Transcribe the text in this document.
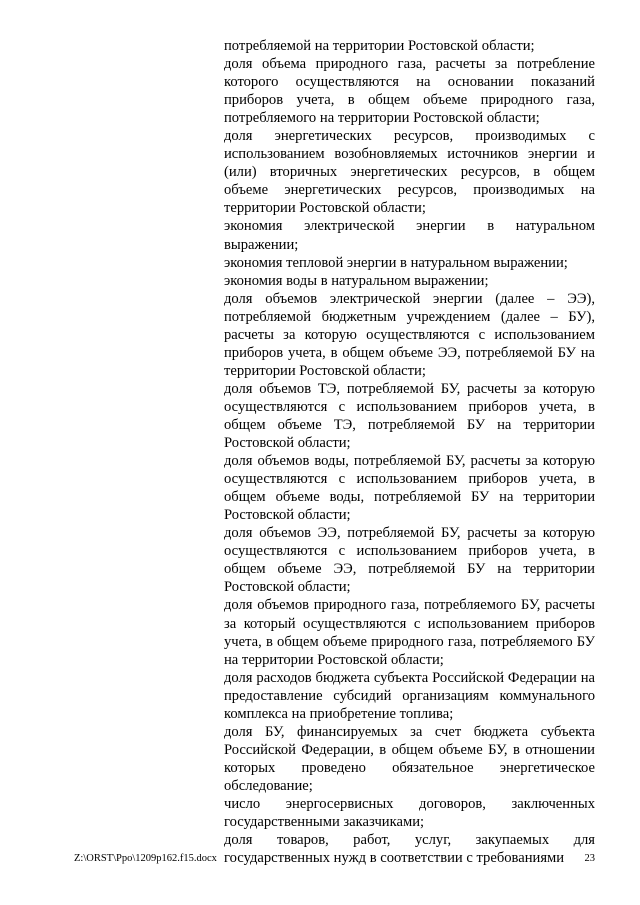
потребляемой на территории Ростовской области;

доля объема природного газа, расчеты за потребление которого осуществляются на основании показаний приборов учета, в общем объеме природного газа, потребляемого на территории Ростовской области;

доля энергетических ресурсов, производимых с использованием возобновляемых источников энергии и (или) вторичных энергетических ресурсов, в общем объеме энергетических ресурсов, производимых на территории Ростовской области;

экономия электрической энергии в натуральном выражении;

экономия тепловой энергии в натуральном выражении;

экономия воды в натуральном выражении;

доля объемов электрической энергии (далее – ЭЭ), потребляемой бюджетным учреждением (далее – БУ), расчеты за которую осуществляются с использованием приборов учета, в общем объеме ЭЭ, потребляемой БУ на территории Ростовской области;

доля объемов ТЭ, потребляемой БУ, расчеты за которую осуществляются с использованием приборов учета, в общем объеме ТЭ, потребляемой БУ на территории Ростовской области;

доля объемов воды, потребляемой БУ, расчеты за которую осуществляются с использованием приборов учета, в общем объеме воды, потребляемой БУ на территории Ростовской области;

доля объемов ЭЭ, потребляемой БУ, расчеты за которую осуществляются с использованием приборов учета, в общем объеме ЭЭ, потребляемой БУ на территории Ростовской области;

доля объемов природного газа, потребляемого БУ, расчеты за который осуществляются с использованием приборов учета, в общем объеме природного газа, потребляемого БУ на территории Ростовской области;

доля расходов бюджета субъекта Российской Федерации на предоставление субсидий организациям коммунального комплекса на приобретение топлива;

доля БУ, финансируемых за счет бюджета субъекта Российской Федерации, в общем объеме БУ, в отношении которых проведено обязательное энергетическое обследование;

число энергосервисных договоров, заключенных государственными заказчиками;

доля товаров, работ, услуг, закупаемых для государственных нужд в соответствии с требованиями

Z:\ORST\Ppo\1209p162.f15.docx	23
